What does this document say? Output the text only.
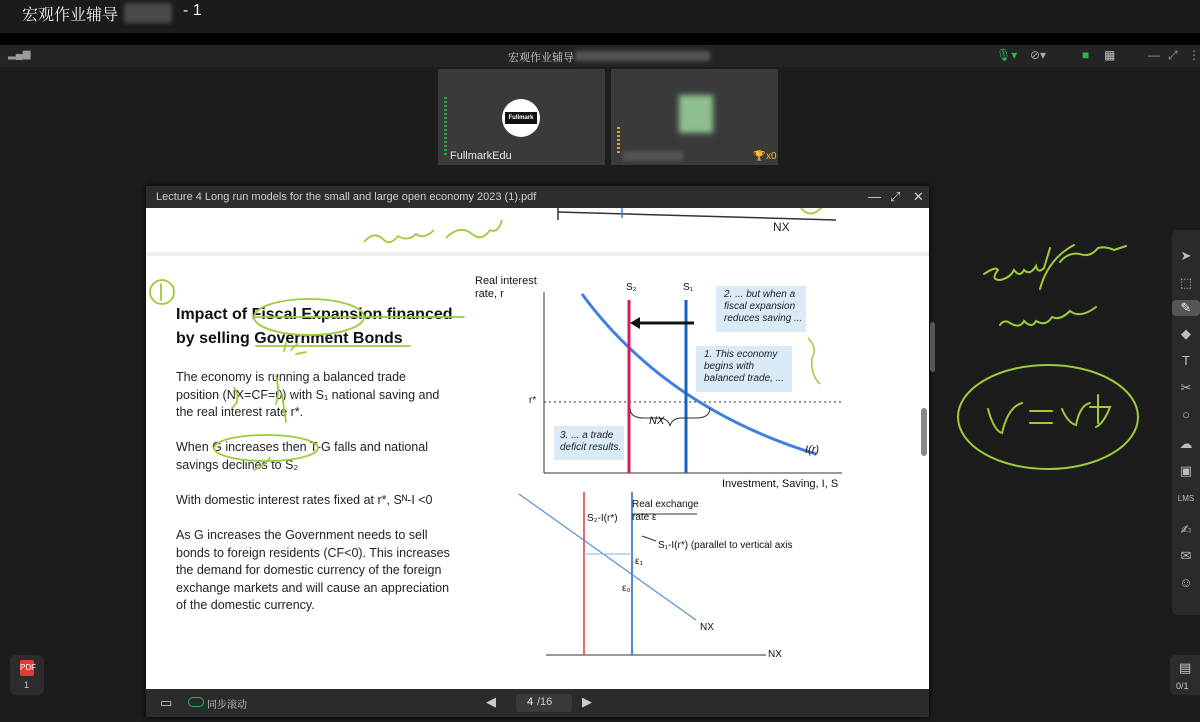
宏观作业辅导	- 1
▂▄▆	宏观作业辅导	🎙▾ ⊘▾	■ ▦	— ⤢ ⋮
Fullmark
FullmarkEdu	🏆 x0
Lecture 4 Long run models for the small and large open economy 2023 (1).pdf	— ⤢ ✕
NX
Impact of Fiscal Expansion financed
by selling Government Bonds
The economy is running a balanced trade
position (NX=CF=0) with S₁ national saving and
the real interest rate r*.
When G increases then T-G falls and national
savings declines to S₂
With domestic interest rates fixed at r*, Sᴺ-I <0
As G increases the Government needs to sell
bonds to foreign residents (CF<0). This increases
the demand for domestic currency of the foreign
exchange markets and will cause an appreciation
of the domestic currency.
Real interest
rate, r
r*
S₂	S₁
I(r)
NX
Investment, Saving, I, S
2. ... but when a
fiscal expansion
reduces saving ...
1. This economy
begins with
balanced trade, ...
3. ... a trade
deficit results.
Real exchange
rate ε
S₂-I(r*)
S₁-I(r*) (parallel to vertical axis
ε₁
ε₀
NX
NX
▭	同步滚动	◀	4 /16 ▶
➤
⬚
✎
◆
T
✂
○
☁
▣
LMS
✍
✉
☺
PDF
1
▤
0/1
